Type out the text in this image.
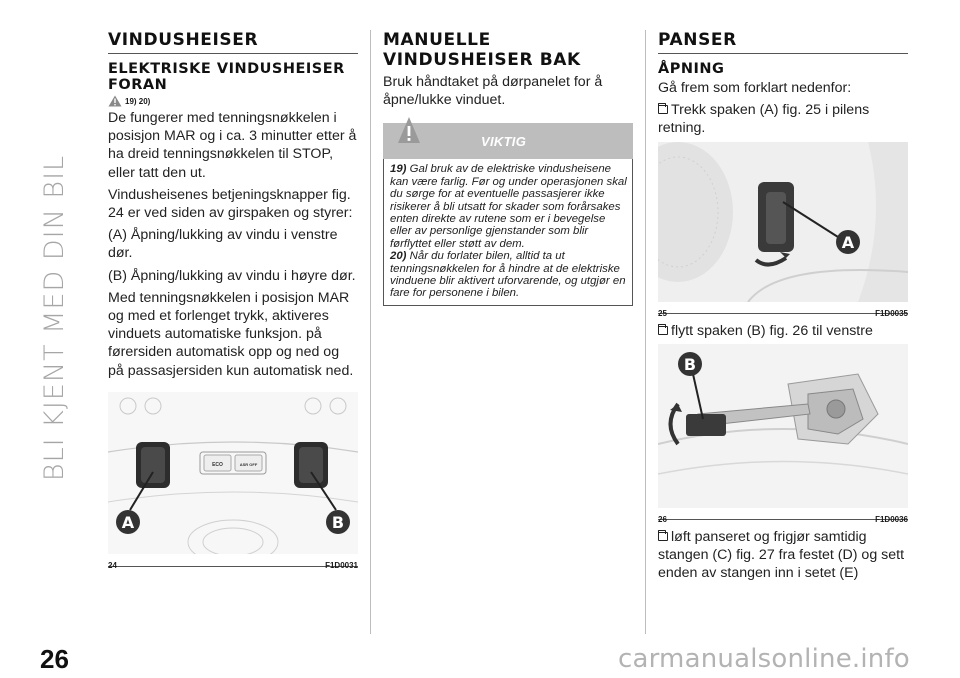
BLI KJENT MED DIN BIL
VINDUSHEISER
ELEKTRISKE VINDUSHEISER FORAN
19) 20)

De fungerer med tenningsnøkkelen i posisjon MAR og i ca. 3 minutter etter å ha dreid tenningsnøkkelen til STOP, eller tatt den ut.

Vindusheisenes betjeningsknapper fig. 24 er ved siden av girspaken og styrer:

(A) Åpning/lukking av vindu i venstre dør.

(B) Åpning/lukking av vindu i høyre dør.

Med tenningsnøkkelen i posisjon MAR og med et forlenget trykk, aktiveres vinduets automatiske funksjon. på førersiden automatisk opp og ned og på passasjersiden kun automatisk ned.

ECO	ASR OFF
A	B
24	F1D0031
MANUELLE VINDUSHEISER BAK

Bruk håndtaket på dørpanelet for å åpne/lukke vinduet.

VIKTIG

19) Gal bruk av de elektriske vindusheisene kan være farlig. Før og under operasjonen skal du sørge for at eventuelle passasjerer ikke risikerer å bli utsatt for skader som forårsakes enten direkte av rutene som er i bevegelse eller av personlige gjenstander som blir førflyttet eller støtt av dem.

20) Når du forlater bilen, alltid ta ut tenningsnøkkelen for å hindre at de elektriske vinduene blir aktivert uforvarende, og utgjør en fare for personene i bilen.

PANSER
ÅPNING

Gå frem som forklart nedenfor:

Trekk spaken (A) fig. 25 i pilens retning.

A
25	F1D0035

flytt spaken (B) fig. 26 til venstre

B
26	F1D0036

løft panseret og frigjør samtidig stangen (C) fig. 27 fra festet (D) og sett enden av stangen inn i setet (E)

26	carmanualsonline.info
